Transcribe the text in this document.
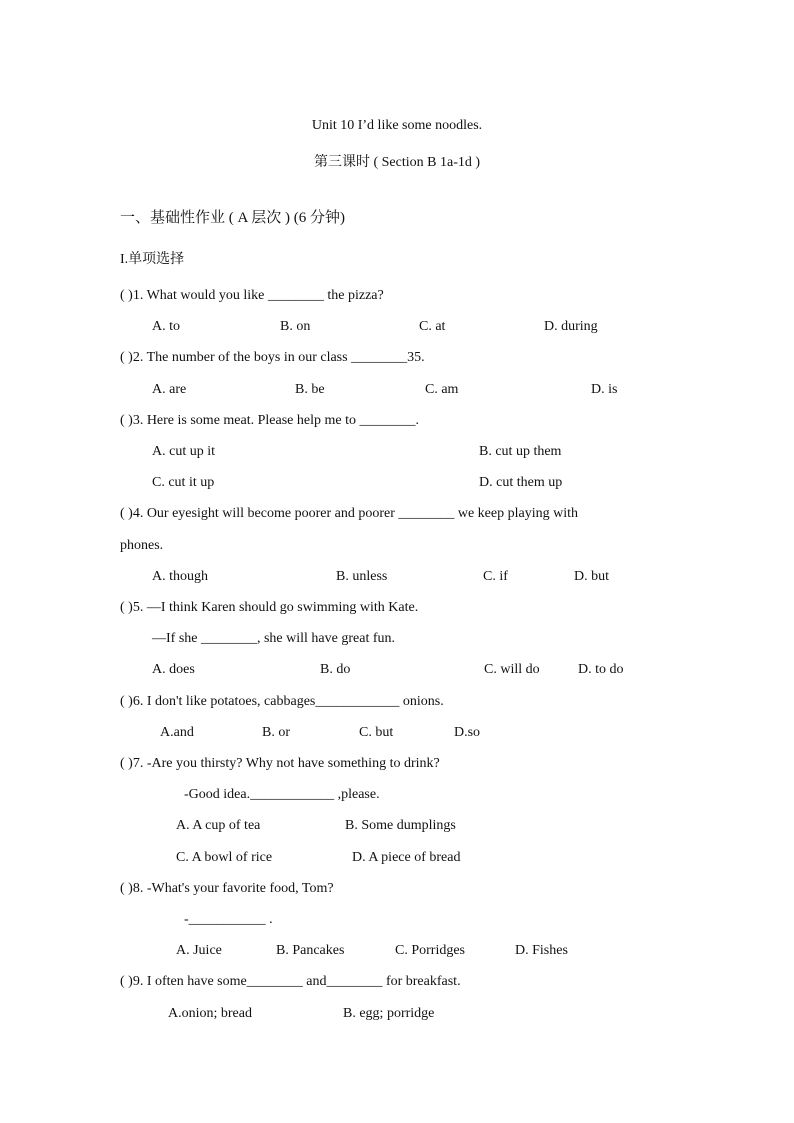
Unit 10 I’d like some noodles.
第三课时 ( Section B 1a-1d )
一、基础性作业 ( A 层次 ) (6 分钟)
I.单项选择
( )1. What would you like ________ the pizza?
A. to	B. on	C. at	D. during
( )2. The number of the boys in our class ________35.
A. are	B. be	C. am	D. is
( )3. Here is some meat. Please help me to ________.
A. cut up it	B. cut up them
C. cut it up	D. cut them up
( )4. Our eyesight will become poorer and poorer ________ we keep playing with
phones.
A. though	B. unless	C. if	D. but
( )5. —I think Karen should go swimming with Kate.
—If she ________, she will have great fun.
A. does	B. do	C. will do	D. to do
( )6. I don't like potatoes, cabbages____________ onions.
A.and	B. or	C. but	D.so
( )7. -Are you thirsty? Why not have something to drink?
-Good idea.____________ ,please.
A. A cup of tea	B. Some dumplings
C. A bowl of rice	D. A piece of bread
( )8. -What's your favorite food, Tom?
-___________ .
A. Juice	B. Pancakes	C. Porridges	D. Fishes
( )9. I often have some________ and________ for breakfast.
A.onion; bread	B. egg; porridge
